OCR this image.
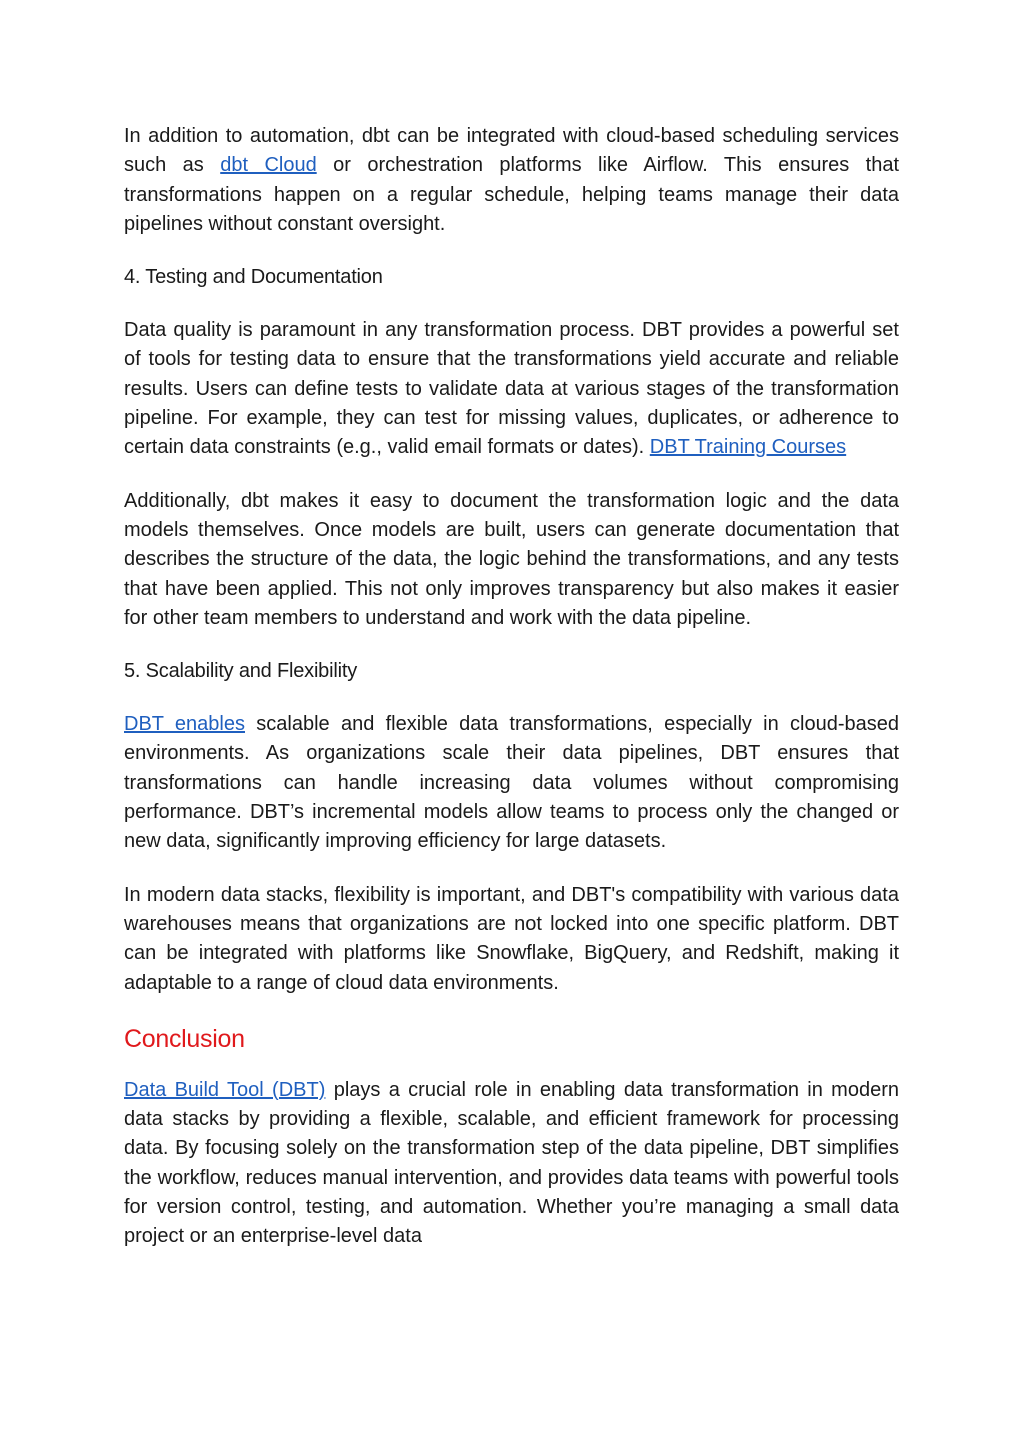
In addition to automation, dbt can be integrated with cloud-based scheduling services such as dbt Cloud or orchestration platforms like Airflow. This ensures that transformations happen on a regular schedule, helping teams manage their data pipelines without constant oversight.

4. Testing and Documentation

Data quality is paramount in any transformation process. DBT provides a powerful set of tools for testing data to ensure that the transformations yield accurate and reliable results. Users can define tests to validate data at various stages of the transformation pipeline. For example, they can test for missing values, duplicates, or adherence to certain data constraints (e.g., valid email formats or dates). DBT Training Courses

Additionally, dbt makes it easy to document the transformation logic and the data models themselves. Once models are built, users can generate documentation that describes the structure of the data, the logic behind the transformations, and any tests that have been applied. This not only improves transparency but also makes it easier for other team members to understand and work with the data pipeline.

5. Scalability and Flexibility

DBT enables scalable and flexible data transformations, especially in cloud-based environments. As organizations scale their data pipelines, DBT ensures that transformations can handle increasing data volumes without compromising performance. DBT’s incremental models allow teams to process only the changed or new data, significantly improving efficiency for large datasets.

In modern data stacks, flexibility is important, and DBT's compatibility with various data warehouses means that organizations are not locked into one specific platform. DBT can be integrated with platforms like Snowflake, BigQuery, and Redshift, making it adaptable to a range of cloud data environments.

Conclusion

Data Build Tool (DBT) plays a crucial role in enabling data transformation in modern data stacks by providing a flexible, scalable, and efficient framework for processing data. By focusing solely on the transformation step of the data pipeline, DBT simplifies the workflow, reduces manual intervention, and provides data teams with powerful tools for version control, testing, and automation. Whether you’re managing a small data project or an enterprise-level data
